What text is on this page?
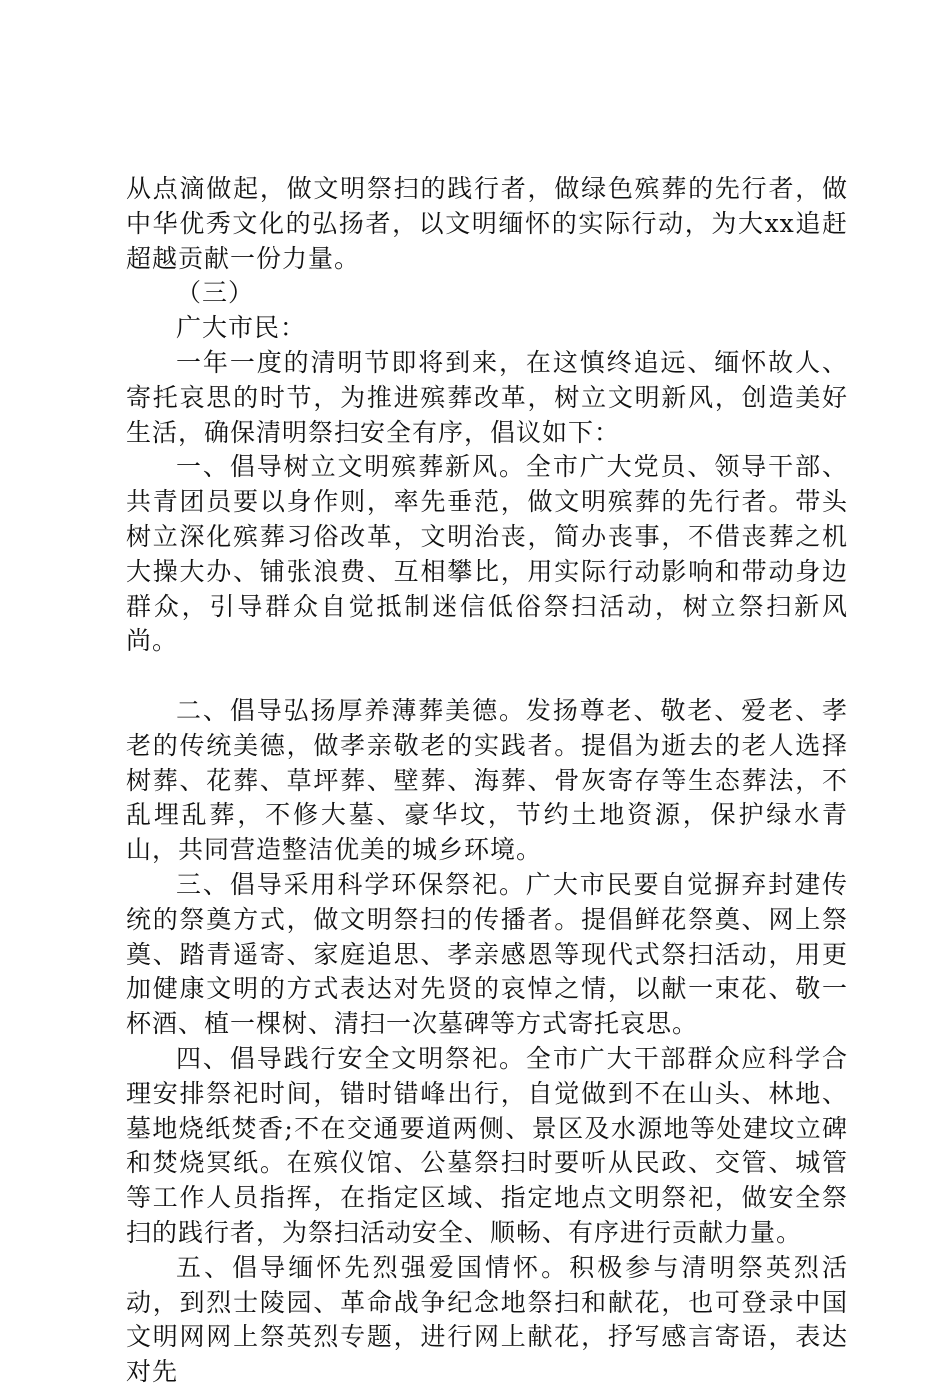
从点滴做起，做文明祭扫的践行者，做绿色殡葬的先行者，做中华优秀文化的弘扬者，以文明缅怀的实际行动，为大xx追赶超越贡献一份力量。

（三）

广大市民：

一年一度的清明节即将到来，在这慎终追远、缅怀故人、寄托哀思的时节，为推进殡葬改革，树立文明新风，创造美好生活，确保清明祭扫安全有序，倡议如下：

一、倡导树立文明殡葬新风。全市广大党员、领导干部、共青团员要以身作则，率先垂范，做文明殡葬的先行者。带头树立深化殡葬习俗改革，文明治丧，简办丧事，不借丧葬之机大操大办、铺张浪费、互相攀比，用实际行动影响和带动身边群众，引导群众自觉抵制迷信低俗祭扫活动，树立祭扫新风尚。

二、倡导弘扬厚养薄葬美德。发扬尊老、敬老、爱老、孝老的传统美德，做孝亲敬老的实践者。提倡为逝去的老人选择树葬、花葬、草坪葬、壁葬、海葬、骨灰寄存等生态葬法，不乱埋乱葬，不修大墓、豪华坟，节约土地资源，保护绿水青山，共同营造整洁优美的城乡环境。

三、倡导采用科学环保祭祀。广大市民要自觉摒弃封建传统的祭奠方式，做文明祭扫的传播者。提倡鲜花祭奠、网上祭奠、踏青遥寄、家庭追思、孝亲感恩等现代式祭扫活动，用更加健康文明的方式表达对先贤的哀悼之情，以献一束花、敬一杯酒、植一棵树、清扫一次墓碑等方式寄托哀思。

四、倡导践行安全文明祭祀。全市广大干部群众应科学合理安排祭祀时间，错时错峰出行，自觉做到不在山头、林地、墓地烧纸焚香;不在交通要道两侧、景区及水源地等处建坟立碑和焚烧冥纸。在殡仪馆、公墓祭扫时要听从民政、交管、城管等工作人员指挥，在指定区域、指定地点文明祭祀，做安全祭扫的践行者，为祭扫活动安全、顺畅、有序进行贡献力量。

五、倡导缅怀先烈强爱国情怀。积极参与清明祭英烈活动，到烈士陵园、革命战争纪念地祭扫和献花，也可登录中国文明网网上祭英烈专题，进行网上献花，抒写感言寄语，表达对先
